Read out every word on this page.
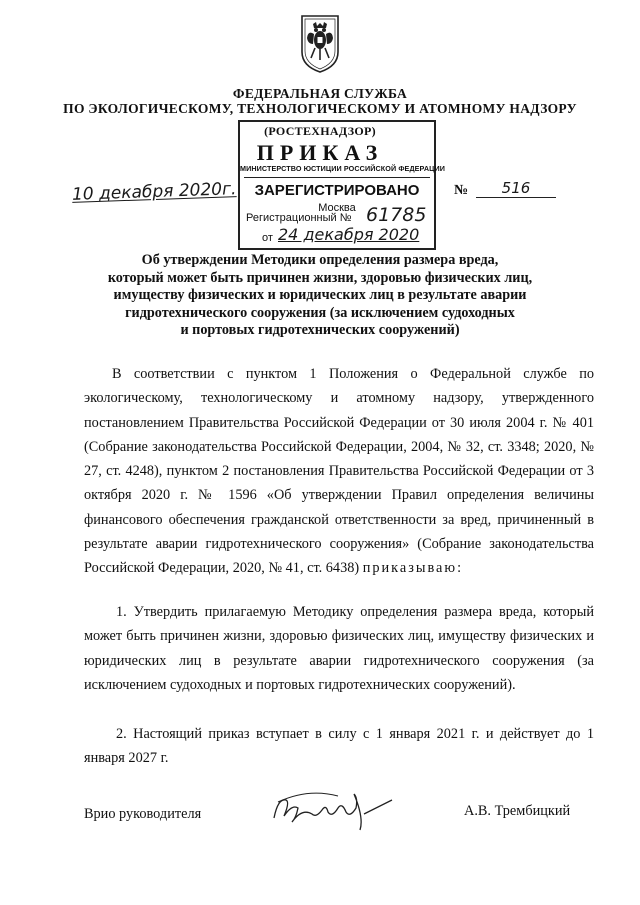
ФЕДЕРАЛЬНАЯ СЛУЖБА
ПО ЭКОЛОГИЧЕСКОМУ, ТЕХНОЛОГИЧЕСКОМУ И АТОМНОМУ НАДЗОРУ
(РОСТЕХНАДЗОР)
МИНИСТЕРСТВО ЮСТИЦИИ РОССИЙСКОЙ ФЕДЕРАЦИИ
ЗАРЕГИСТРИРОВАНО
Москва
Регистрационный № 61785
от 24 декабря 2020
ПРИКАЗ
10 декабря 2020г.	№	516
Об утверждении Методики определения размера вреда,
который может быть причинен жизни, здоровью физических лиц,
имуществу физических и юридических лиц в результате аварии
гидротехнического сооружения (за исключением судоходных
и портовых гидротехнических сооружений)

В соответствии с пунктом 1 Положения о Федеральной службе по экологическому, технологическому и атомному надзору, утвержденного постановлением Правительства Российской Федерации от 30 июля 2004 г. № 401 (Собрание законодательства Российской Федерации, 2004, № 32, ст. 3348; 2020, № 27, ст. 4248), пунктом 2 постановления Правительства Российской Федерации от 3 октября 2020 г. № 1596 «Об утверждении Правил определения величины финансового обеспечения гражданской ответственности за вред, причиненный в результате аварии гидротехнического сооружения» (Собрание законодательства Российской Федерации, 2020, № 41, ст. 6438) приказываю:

1. Утвердить прилагаемую Методику определения размера вреда, который может быть причинен жизни, здоровью физических лиц, имуществу физических и юридических лиц в результате аварии гидротехнического сооружения (за исключением судоходных и портовых гидротехнических сооружений).

2. Настоящий приказ вступает в силу с 1 января 2021 г. и действует до 1 января 2027 г.

Врио руководителя	А.В. Трембицкий
